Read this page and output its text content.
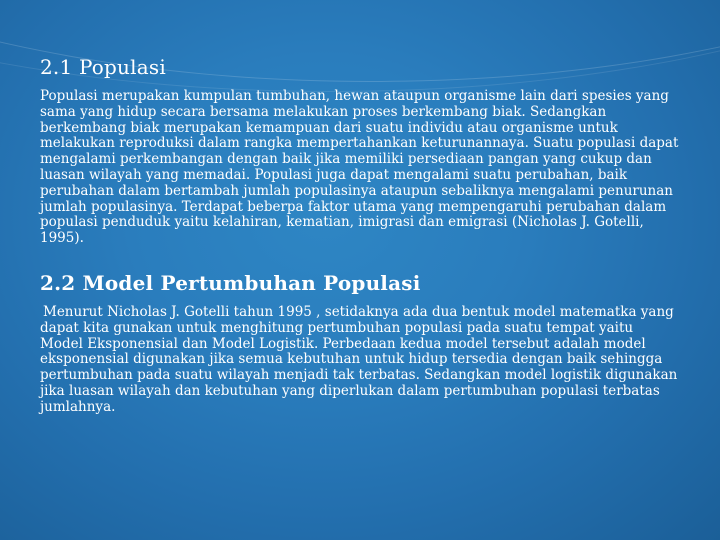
2.1 Populasi

Populasi merupakan kumpulan tumbuhan, hewan ataupun organisme lain dari spesies yang sama yang hidup secara bersama melakukan proses berkembang biak. Sedangkan berkembang biak merupakan kemampuan dari suatu individu atau organisme untuk melakukan reproduksi dalam rangka mempertahankan keturunannaya. Suatu populasi dapat mengalami perkembangan dengan baik jika memiliki persediaan pangan yang cukup dan luasan wilayah yang memadai. Populasi juga dapat mengalami suatu perubahan, baik perubahan dalam bertambah jumlah populasinya ataupun sebaliknya mengalami penurunan jumlah populasinya. Terdapat beberpa faktor utama yang mempengaruhi perubahan dalam populasi penduduk yaitu kelahiran, kematian, imigrasi dan emigrasi (Nicholas J. Gotelli, 1995).

2.2 Model Pertumbuhan Populasi

Menurut Nicholas J. Gotelli tahun 1995 , setidaknya ada dua bentuk model matematka yang dapat kita gunakan untuk menghitung pertumbuhan populasi pada suatu tempat yaitu Model Eksponensial dan Model Logistik. Perbedaan kedua model tersebut adalah model eksponensial digunakan jika semua kebutuhan untuk hidup tersedia dengan baik sehingga pertumbuhan pada suatu wilayah menjadi tak terbatas. Sedangkan model logistik digunakan jika luasan wilayah dan kebutuhan yang diperlukan dalam pertumbuhan populasi terbatas jumlahnya.
